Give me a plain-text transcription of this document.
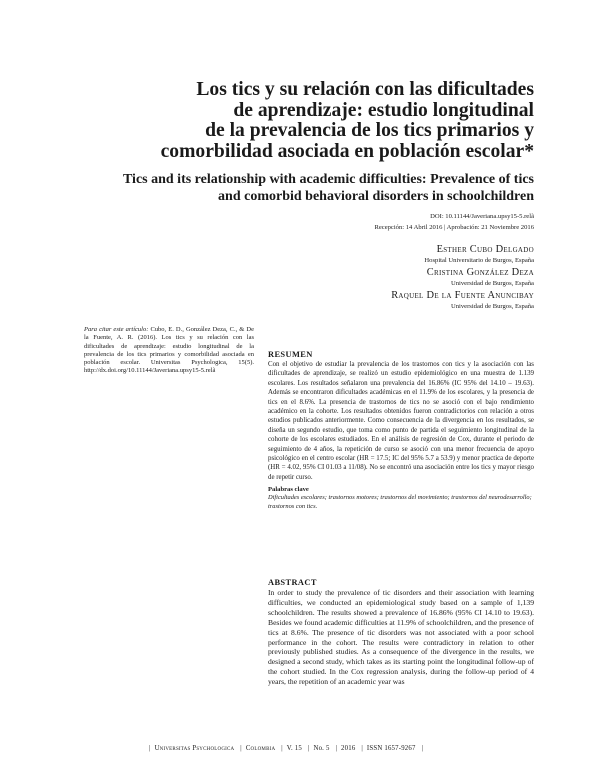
Los tics y su relación con las dificultades
de aprendizaje: estudio longitudinal
de la prevalencia de los tics primarios y
comorbilidad asociada en población escolar*
Tics and its relationship with academic difficulties: Prevalence of tics
and comorbid behavioral disorders in schoolchildren
DOI: 10.11144/Javeriana.upsy15-5.relã
Recepción: 14 Abril 2016 | Aprobación: 21 Noviembre 2016
Esther Cubo Delgado
Hospital Universitario de Burgos, España
Cristina González Deza
Universidad de Burgos, España
Raquel De la Fuente Anuncibay
Universidad de Burgos, España
Para citar este artículo: Cubo, E. D., González Deza, C., & De la Fuente, A. R. (2016). Los tics y su relación con las dificultades de aprendizaje: estudio longitudinal de la prevalencia de los tics primarios y comorbilidad asociada en población escolar. Universitas Psychologica, 15(5). http://dx.doi.org/10.11144/Javeriana.upsy15-5.relã
RESUMEN
Con el objetivo de estudiar la prevalencia de los trastornos con tics y la asociación con las dificultades de aprendizaje, se realizó un estudio epidemiológico en una muestra de 1.139 escolares. Los resultados señalaron una prevalencia del 16.86% (IC 95% del 14.10 – 19.63). Además se encontraron dificultades académicas en el 11.9% de los escolares, y la presencia de tics en el 8.6%. La presencia de trastornos de tics no se asoció con el bajo rendimiento académico en la cohorte. Los resultados obtenidos fueron contradictorios con relación a otros estudios publicados anteriormente. Como consecuencia de la divergencia en los resultados, se diseña un segundo estudio, que toma como punto de partida el seguimiento longitudinal de la cohorte de los escolares estudiados. En el análisis de regresión de Cox, durante el periodo de seguimiento de 4 años, la repetición de curso se asoció con una menor frecuencia de apoyo psicológico en el centro escolar (HR = 17.5; IC del 95% 5.7 a 53.9) y menor practica de deporte (HR = 4.02, 95% CI 01.03 a 11/08). No se encontró una asociación entre los tics y mayor riesgo de repetir curso.
Palabras clave
Dificultades escolares; trastornos motores; trastornos del movimiento; trastornos del neurodesarrollo; trastornos con tics.
ABSTRACT
In order to study the prevalence of tic disorders and their association with learning difficulties, we conducted an epidemiological study based on a sample of 1,139 schoolchildren. The results showed a prevalence of 16.86% (95% CI 14.10 to 19.63). Besides we found academic difficulties at 11.9% of schoolchildren, and the presence of tics at 8.6%. The presence of tic disorders was not associated with a poor school performance in the cohort. The results were contradictory in relation to other previously published studies. As a consequence of the divergence in the results, we designed a second study, which takes as its starting point the longitudinal follow-up of the cohort studied. In the Cox regression analysis, during the follow-up period of 4 years, the repetition of an academic year was
| Universitas Psychologica | Colombia | V. 15 | No. 5 | 2016 | ISSN 1657-9267 |
